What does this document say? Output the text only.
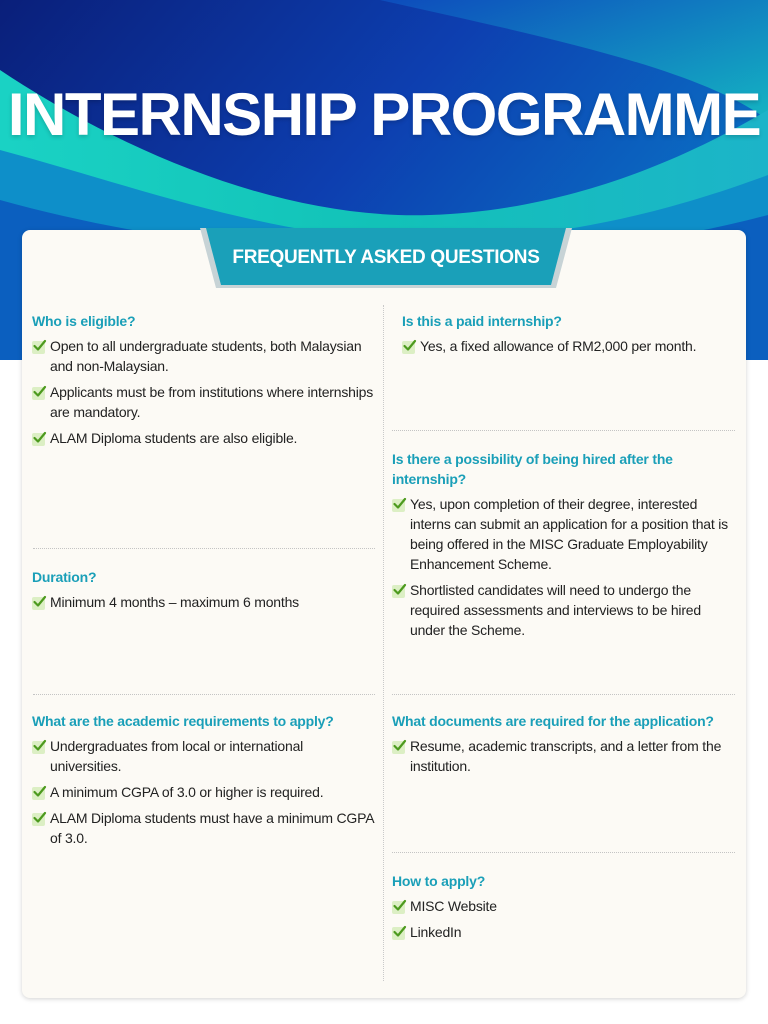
INTERNSHIP PROGRAMME
FREQUENTLY ASKED QUESTIONS
Who is eligible?
Open to all undergraduate students, both Malaysian and non-Malaysian.
Applicants must be from institutions where internships are mandatory.
ALAM Diploma students are also eligible.
Duration?
Minimum 4 months – maximum 6 months
What are the academic requirements to apply?
Undergraduates from local or international universities.
A minimum CGPA of 3.0 or higher is required.
ALAM Diploma students must have a minimum CGPA of 3.0.
Is this a paid internship?
Yes, a fixed allowance of RM2,000 per month.
Is there a possibility of being hired after the internship?
Yes, upon completion of their degree, interested interns can submit an application for a position that is being offered in the MISC Graduate Employability Enhancement Scheme.
Shortlisted candidates will need to undergo the required assessments and interviews to be hired under the Scheme.
What documents are required for the application?
Resume, academic transcripts, and a letter from the institution.
How to apply?
MISC Website
LinkedIn
